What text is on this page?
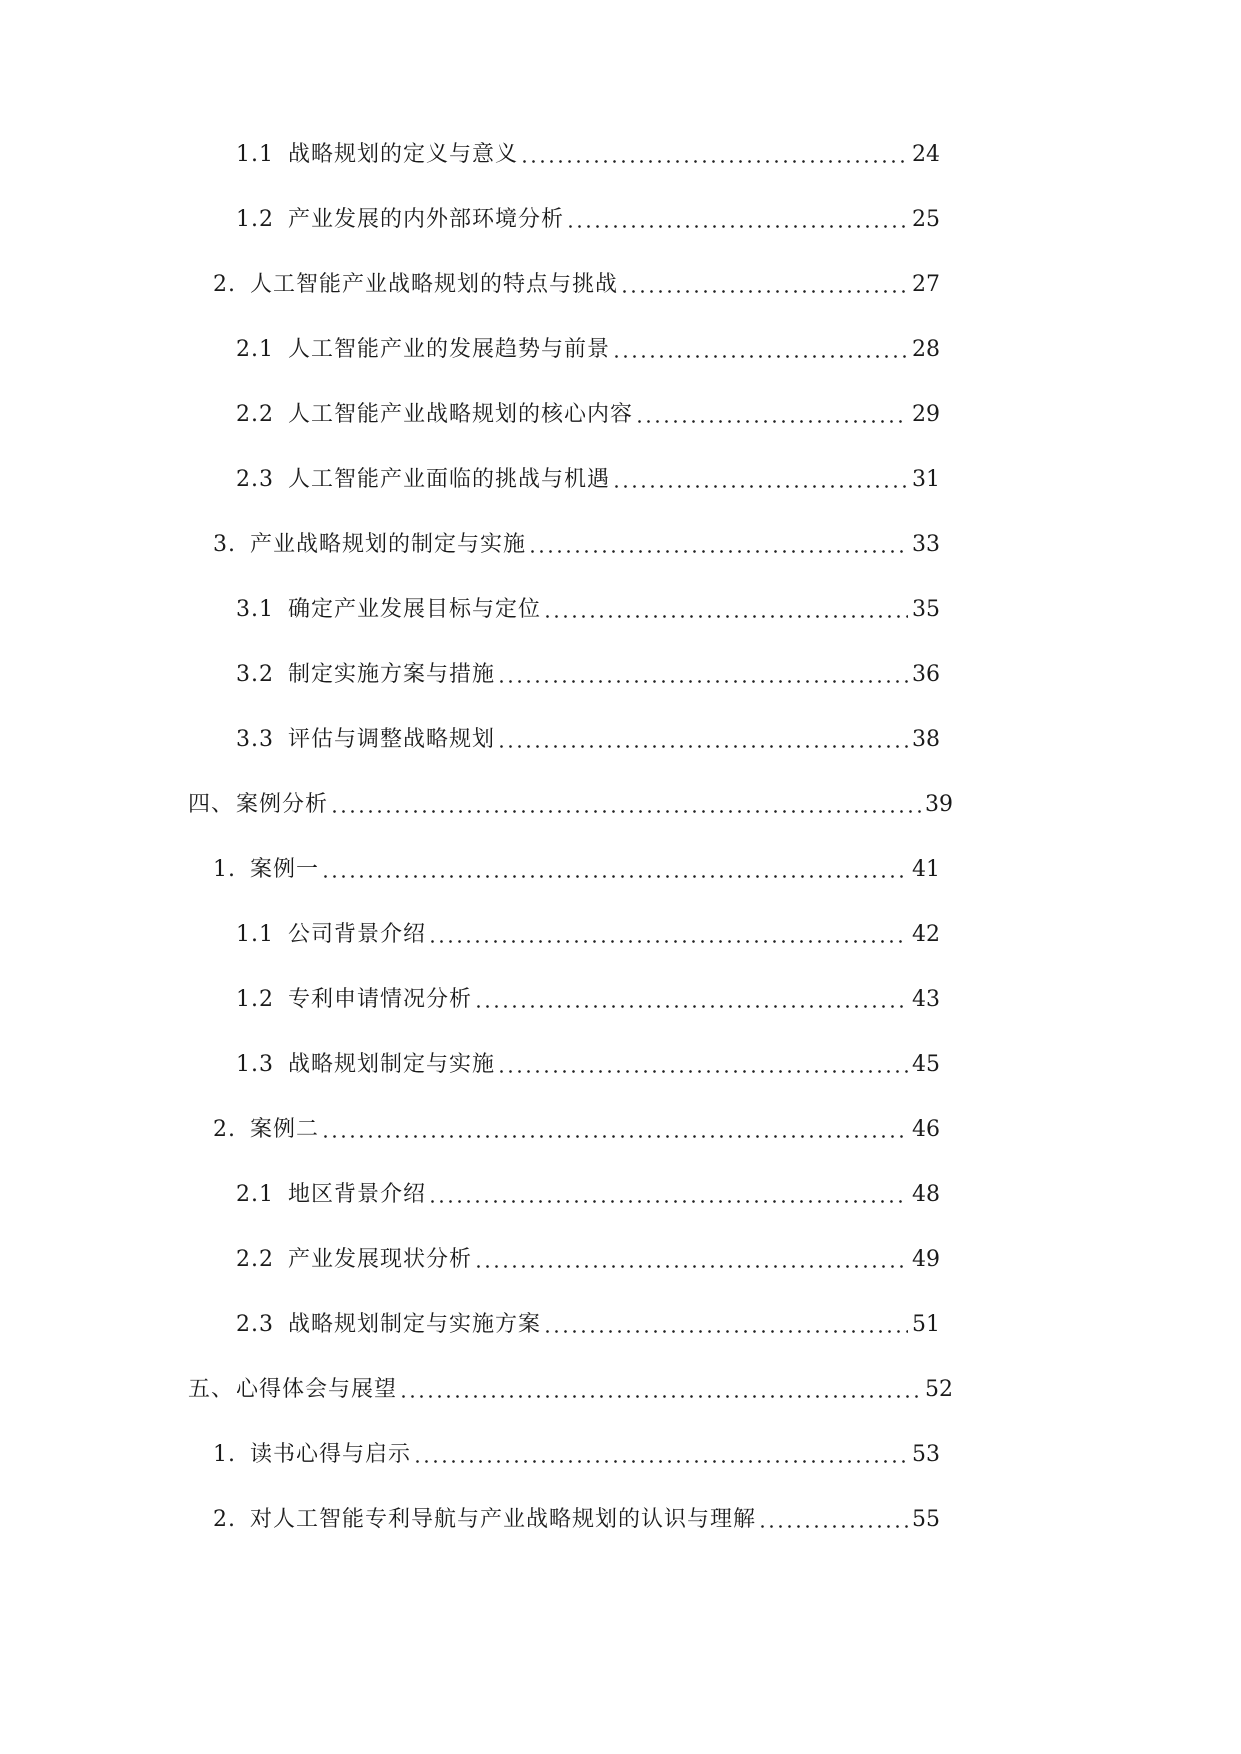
1.1 战略规划的定义与意义	24
1.2 产业发展的内外部环境分析	25
2. 人工智能产业战略规划的特点与挑战	27
2.1 人工智能产业的发展趋势与前景	28
2.2 人工智能产业战略规划的核心内容	29
2.3 人工智能产业面临的挑战与机遇	31
3. 产业战略规划的制定与实施	33
3.1 确定产业发展目标与定位	35
3.2 制定实施方案与措施	36
3.3 评估与调整战略规划	38
四、 案例分析	39
1. 案例一	41
1.1 公司背景介绍	42
1.2 专利申请情况分析	43
1.3 战略规划制定与实施	45
2. 案例二	46
2.1 地区背景介绍	48
2.2 产业发展现状分析	49
2.3 战略规划制定与实施方案	51
五、 心得体会与展望	52
1. 读书心得与启示	53
2. 对人工智能专利导航与产业战略规划的认识与理解	55
